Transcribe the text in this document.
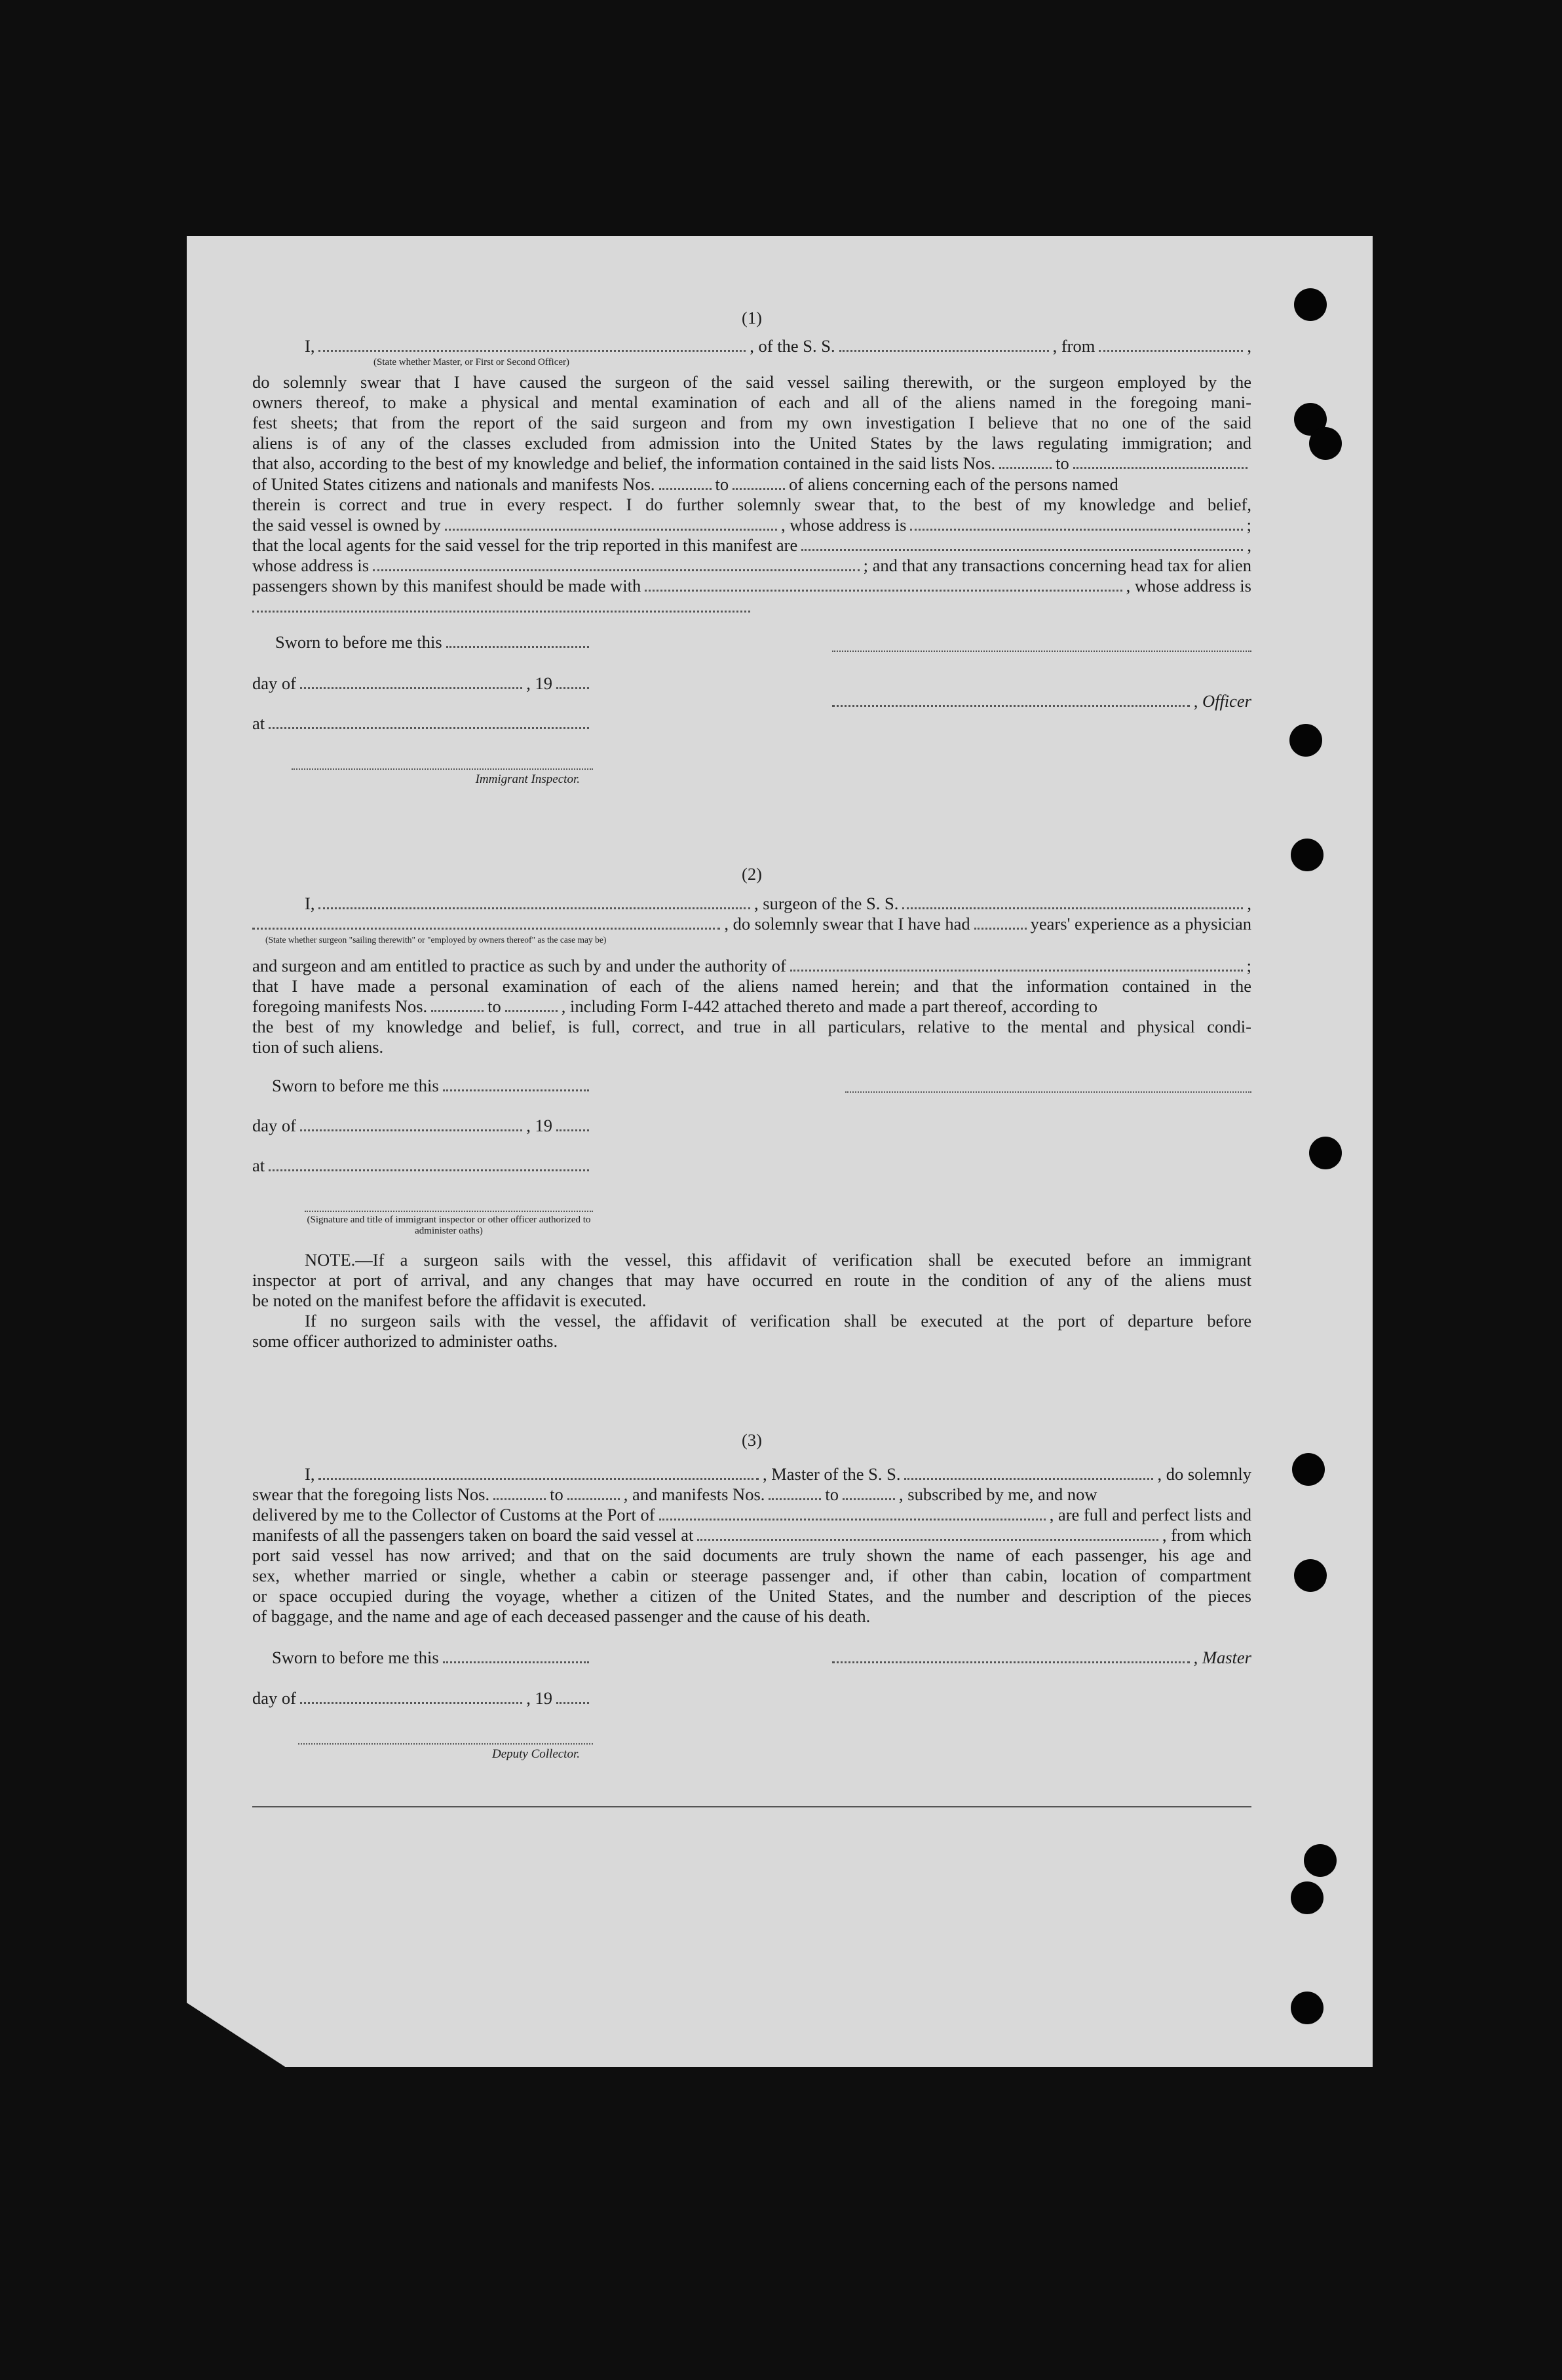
(1)
I,	, of the S. S.	, from	,
(State whether Master, or First or Second Officer)
do solemnly swear that I have caused the surgeon of the said vessel sailing therewith, or the surgeon employed by the
owners thereof, to make a physical and mental examination of each and all of the aliens named in the foregoing mani-
fest sheets; that from the report of the said surgeon and from my own investigation I believe that no one of the said
aliens is of any of the classes excluded from admission into the United States by the laws regulating immigration; and
that also, according to the best of my knowledge and belief, the information contained in the said lists Nos.	to
of United States citizens and nationals and manifests Nos.	to	of aliens concerning each of the persons named
therein is correct and true in every respect. I do further solemnly swear that, to the best of my knowledge and belief,
the said vessel is owned by	, whose address is	;
that the local agents for the said vessel for the trip reported in this manifest are	,
whose address is	; and that any transactions concerning head tax for alien
passengers shown by this manifest should be made with	, whose address is
Sworn to before me this
day of	, 19
at
Immigrant Inspector.
, Officer
(2)
I,	, surgeon of the S. S.	,
, do solemnly swear that I have had	years' experience as a physician
(State whether surgeon "sailing therewith" or "employed by owners thereof" as the case may be)
and surgeon and am entitled to practice as such by and under the authority of	;
that I have made a personal examination of each of the aliens named herein; and that the information contained in the
foregoing manifests Nos.	to	, including Form I-442 attached thereto and made a part thereof, according to
the best of my knowledge and belief, is full, correct, and true in all particulars, relative to the mental and physical condi-
tion of such aliens.
Sworn to before me this
day of	, 19
at
(Signature and title of immigrant inspector or other officer authorized to administer oaths)
NOTE.—If a surgeon sails with the vessel, this affidavit of verification shall be executed before an immigrant
inspector at port of arrival, and any changes that may have occurred en route in the condition of any of the aliens must
be noted on the manifest before the affidavit is executed.
If no surgeon sails with the vessel, the affidavit of verification shall be executed at the port of departure before
some officer authorized to administer oaths.
(3)
I,	, Master of the S. S.	, do solemnly
swear that the foregoing lists Nos.	to	, and manifests Nos.	to	, subscribed by me, and now
delivered by me to the Collector of Customs at the Port of	, are full and perfect lists and
manifests of all the passengers taken on board the said vessel at	, from which
port said vessel has now arrived; and that on the said documents are truly shown the name of each passenger, his age and
sex, whether married or single, whether a cabin or steerage passenger and, if other than cabin, location of compartment
or space occupied during the voyage, whether a citizen of the United States, and the number and description of the pieces
of baggage, and the name and age of each deceased passenger and the cause of his death.
Sworn to before me this
day of	, 19
Deputy Collector.
, Master
